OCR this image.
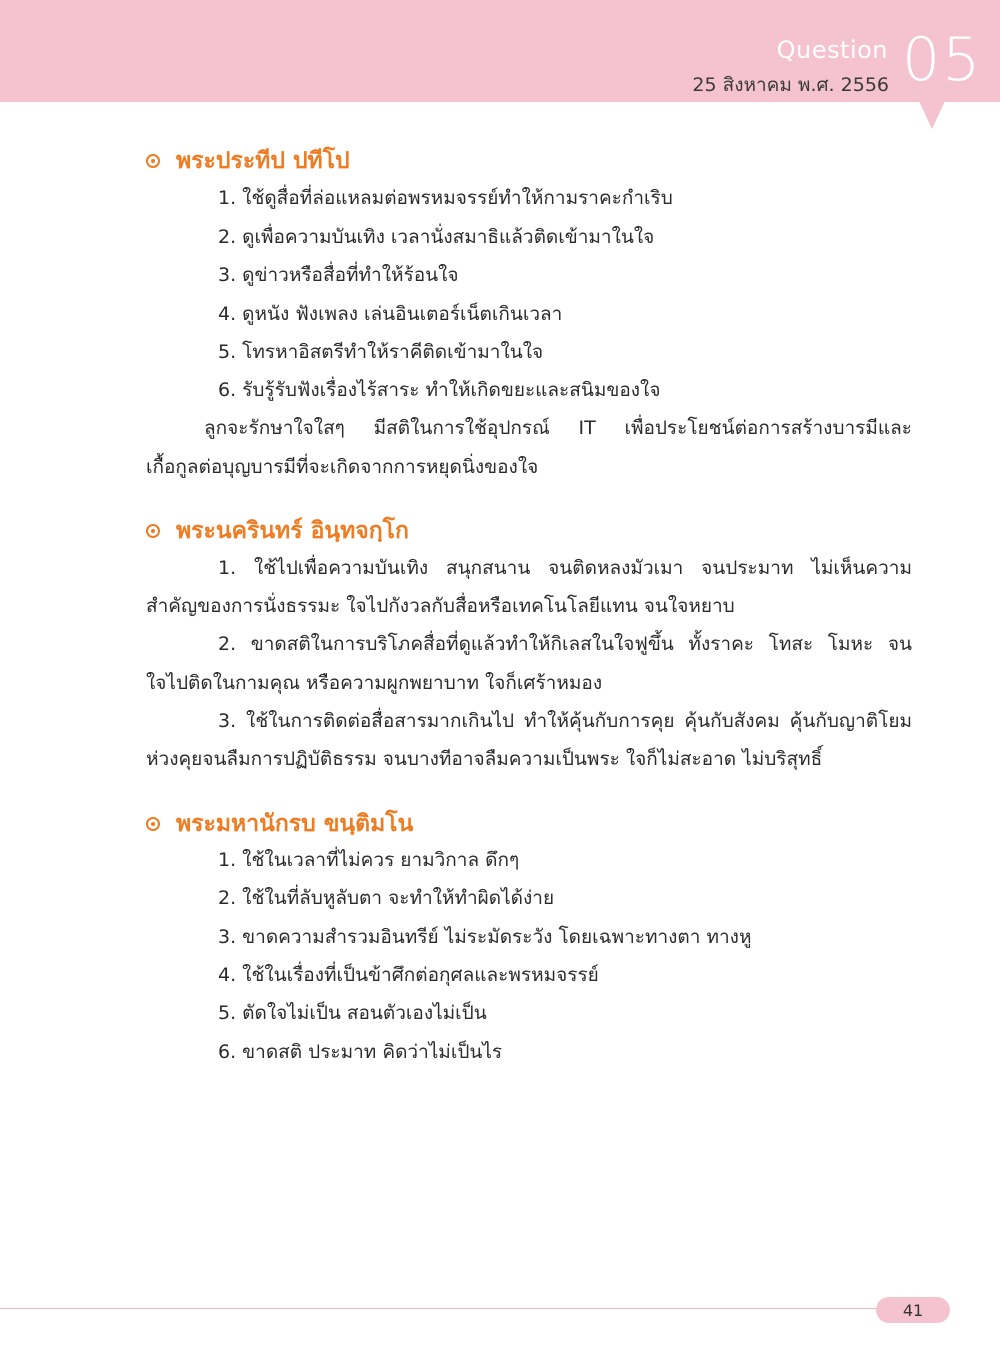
Question
25 สิงหาคม พ.ศ. 2556 05
พระประทีป ปทีโป
1. ใช้ดูสื่อที่ล่อแหลมต่อพรหมจรรย์ทำให้กามราคะกำเริบ
2. ดูเพื่อความบันเทิง เวลานั่งสมาธิแล้วติดเข้ามาในใจ
3. ดูข่าวหรือสื่อที่ทำให้ร้อนใจ
4. ดูหนัง ฟังเพลง เล่นอินเตอร์เน็ตเกินเวลา
5. โทรหาอิสตรีทำให้ราคีติดเข้ามาในใจ
6. รับรู้รับฟังเรื่องไร้สาระ ทำให้เกิดขยะและสนิมของใจ
ลูกจะรักษาใจใสๆ มีสติในการใช้อุปกรณ์ IT เพื่อประโยชน์ต่อการสร้างบารมีและ
เกื้อกูลต่อบุญบารมีที่จะเกิดจากการหยุดนิ่งของใจ
พระนครินทร์ อินฺทจกฺโก
1. ใช้ไปเพื่อความบันเทิง สนุกสนาน จนติดหลงมัวเมา จนประมาท ไม่เห็นความ
สำคัญของการนั่งธรรมะ ใจไปกังวลกับสื่อหรือเทคโนโลยีแทน จนใจหยาบ
2. ขาดสติในการบริโภคสื่อที่ดูแล้วทำให้กิเลสในใจฟูขึ้น ทั้งราคะ โทสะ โมหะ จน
ใจไปติดในกามคุณ หรือความผูกพยาบาท ใจก็เศร้าหมอง
3. ใช้ในการติดต่อสื่อสารมากเกินไป ทำให้คุ้นกับการคุย คุ้นกับสังคม คุ้นกับญาติโยม
ห่วงคุยจนลืมการปฏิบัติธรรม จนบางทีอาจลืมความเป็นพระ ใจก็ไม่สะอาด ไม่บริสุทธิ์
พระมหานักรบ ขนฺติมโน
1. ใช้ในเวลาที่ไม่ควร ยามวิกาล ดึกๆ
2. ใช้ในที่ลับหูลับตา จะทำให้ทำผิดได้ง่าย
3. ขาดความสำรวมอินทรีย์ ไม่ระมัดระวัง โดยเฉพาะทางตา ทางหู
4. ใช้ในเรื่องที่เป็นข้าศึกต่อกุศลและพรหมจรรย์
5. ตัดใจไม่เป็น สอนตัวเองไม่เป็น
6. ขาดสติ ประมาท คิดว่าไม่เป็นไร
41
